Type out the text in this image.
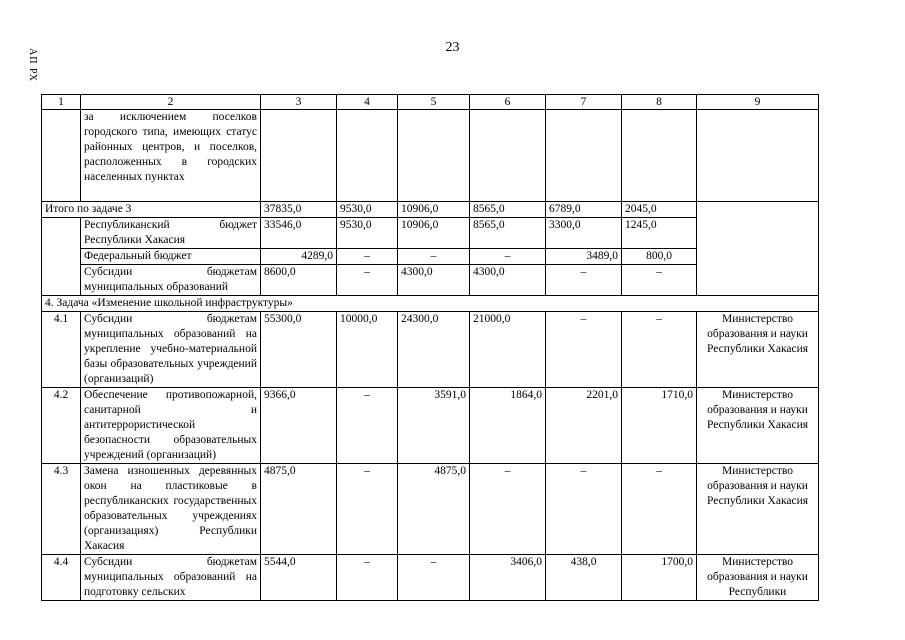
АП РХ
23
1	2	3	4	5	6	7	8	9
	за исключением поселков городского типа, имеющих статус районных центров, и поселков, расположенных в городских населенных пунктах							
Итого по задаче 3		37835,0	9530,0	10906,0	8565,0	6789,0	2045,0	
	Республиканский бюджет Республики Хакасия	33546,0	9530,0	10906,0	8565,0	3300,0	1245,0	
	Федеральный бюджет	4289,0	–	–	–	3489,0	800,0	
	Субсидии бюджетам муниципальных образований	8600,0	–	4300,0	4300,0	–	–	
4. Задача «Изменение школьной инфраструктуры»								
4.1	Субсидии бюджетам муниципальных образований на укрепление учебно-материальной базы образовательных учреждений (организаций)	55300,0	10000,0	24300,0	21000,0	–	–	Министерство образования и науки Республики Хакасия
4.2	Обеспечение противопожарной, санитарной и антитеррористической безопасности образовательных учреждений (организаций)	9366,0	–	3591,0	1864,0	2201,0	1710,0	Министерство образования и науки Республики Хакасия
4.3	Замена изношенных деревянных окон на пластиковые в республиканских государственных образовательных учреждениях (организациях) Республики Хакасия	4875,0	–	4875,0	–	–	–	Министерство образования и науки Республики Хакасия
4.4	Субсидии бюджетам муниципальных образований на подготовку сельских	5544,0	–	–	3406,0	438,0	1700,0	Министерство образования и науки Республики
